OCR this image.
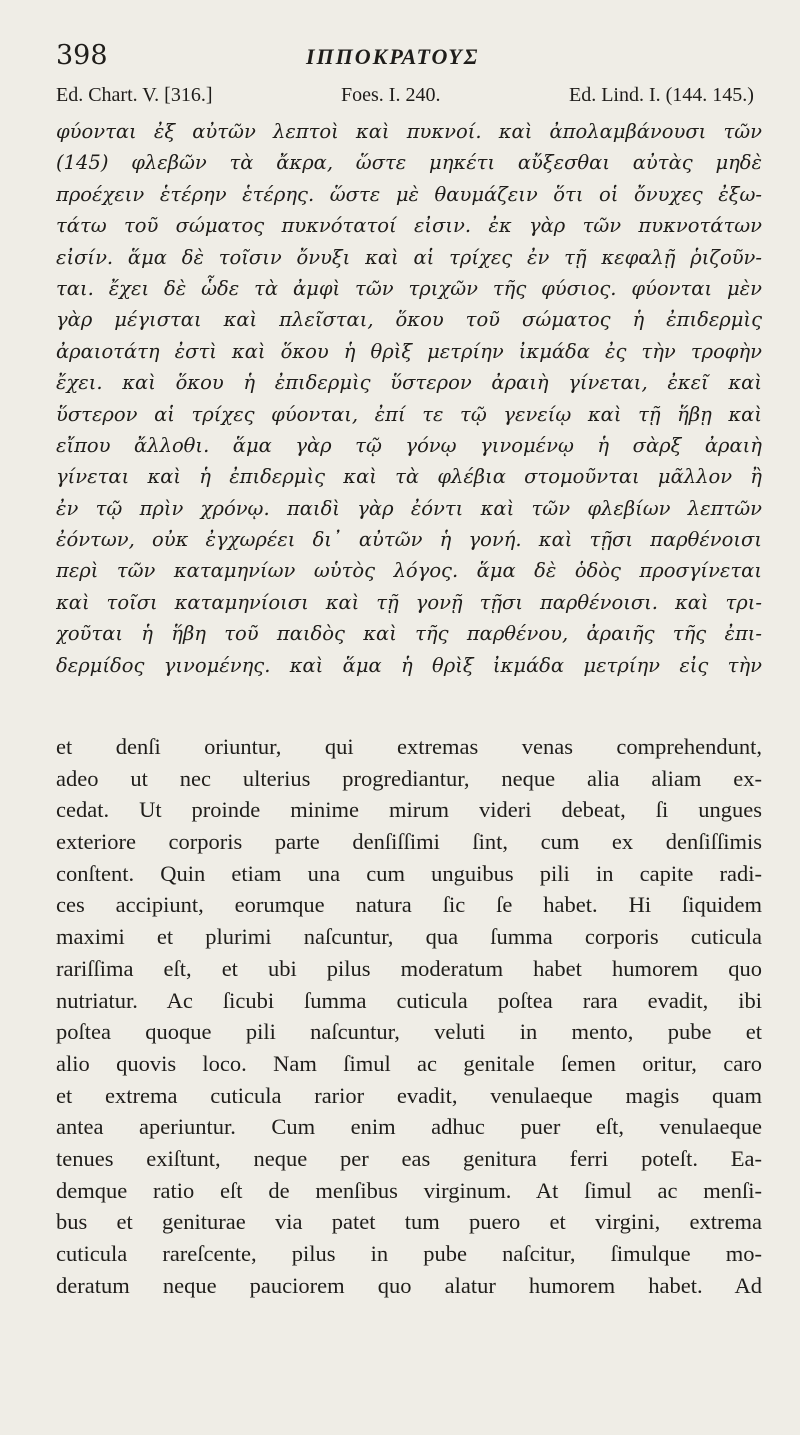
398	ΙΠΠΟΚΡΑΤΟΥΣ
Ed. Chart. V. [316.]	Foes. I. 240.	Ed. Lind. I. (144. 145.)
φύονται ἐξ αὐτῶν λεπτοὶ καὶ πυκνοί. καὶ ἀπολαμβάνουσι τῶν
(145) φλεβῶν τὰ ἄκρα, ὥστε μηκέτι αὔξεσθαι αὐτὰς μηδὲ
προέχειν ἑτέρην ἑτέρης. ὥστε μὲ θαυμάζειν ὅτι οἱ ὄνυχες ἐξω-
τάτω τοῦ σώματος πυκνότατοί εἰσιν. ἐκ γὰρ τῶν πυκνοτάτων
εἰσίν. ἅμα δὲ τοῖσιν ὄνυξι καὶ αἱ τρίχες ἐν τῇ κεφαλῇ ῥιζοῦν-
ται. ἔχει δὲ ὧδε τὰ ἀμφὶ τῶν τριχῶν τῆς φύσιος. φύονται μὲν
γὰρ μέγισται καὶ πλεῖσται, ὅκου τοῦ σώματος ἡ ἐπιδερμὶς
ἀραιοτάτη ἐστὶ καὶ ὅκου ἡ θρὶξ μετρίην ἰκμάδα ἐς τὴν τροφὴν
ἔχει. καὶ ὅκου ἡ ἐπιδερμὶς ὕστερον ἀραιὴ γίνεται, ἐκεῖ καὶ
ὕστερον αἱ τρίχες φύονται, ἐπί τε τῷ γενείῳ καὶ τῇ ἥβῃ καὶ
εἴπου ἄλλοθι. ἅμα γὰρ τῷ γόνῳ γινομένῳ ἡ σὰρξ ἀραιὴ
γίνεται καὶ ἡ ἐπιδερμὶς καὶ τὰ φλέβια στομοῦνται μᾶλλον ἢ
ἐν τῷ πρὶν χρόνῳ. παιδὶ γὰρ ἐόντι καὶ τῶν φλεβίων λεπτῶν
ἐόντων, οὐκ ἐγχωρέει δι᾽ αὐτῶν ἡ γονή. καὶ τῇσι παρθένοισι
περὶ τῶν καταμηνίων ωὑτὸς λόγος. ἅμα δὲ ὁδὸς προσγίνεται
καὶ τοῖσι καταμηνίοισι καὶ τῇ γονῇ τῇσι παρθένοισι. καὶ τρι-
χοῦται ἡ ἥβη τοῦ παιδὸς καὶ τῆς παρθένου, ἀραιῆς τῆς ἐπι-
δερμίδος γινομένης. καὶ ἅμα ἡ θρὶξ ἰκμάδα μετρίην εἰς τὴν
et denſi oriuntur, qui extremas venas comprehendunt,
adeo ut nec ulterius progrediantur, neque alia aliam ex-
cedat. Ut proinde minime mirum videri debeat, ſi ungues
exteriore corporis parte denſiſſimi ſint, cum ex denſiſſimis
conſtent. Quin etiam una cum unguibus pili in capite radi-
ces accipiunt, eorumque natura ſic ſe habet. Hi ſiquidem
maximi et plurimi naſcuntur, qua ſumma corporis cuticula
rariſſima eſt, et ubi pilus moderatum habet humorem quo
nutriatur. Ac ſicubi ſumma cuticula poſtea rara evadit, ibi
poſtea quoque pili naſcuntur, veluti in mento, pube et
alio quovis loco. Nam ſimul ac genitale ſemen oritur, caro
et extrema cuticula rarior evadit, venulaeque magis quam
antea aperiuntur. Cum enim adhuc puer eſt, venulaeque
tenues exiſtunt, neque per eas genitura ferri poteſt. Ea-
demque ratio eſt de menſibus virginum. At ſimul ac menſi-
bus et geniturae via patet tum puero et virgini, extrema
cuticula rareſcente, pilus in pube naſcitur, ſimulque mo-
deratum neque pauciorem quo alatur humorem habet. Ad
